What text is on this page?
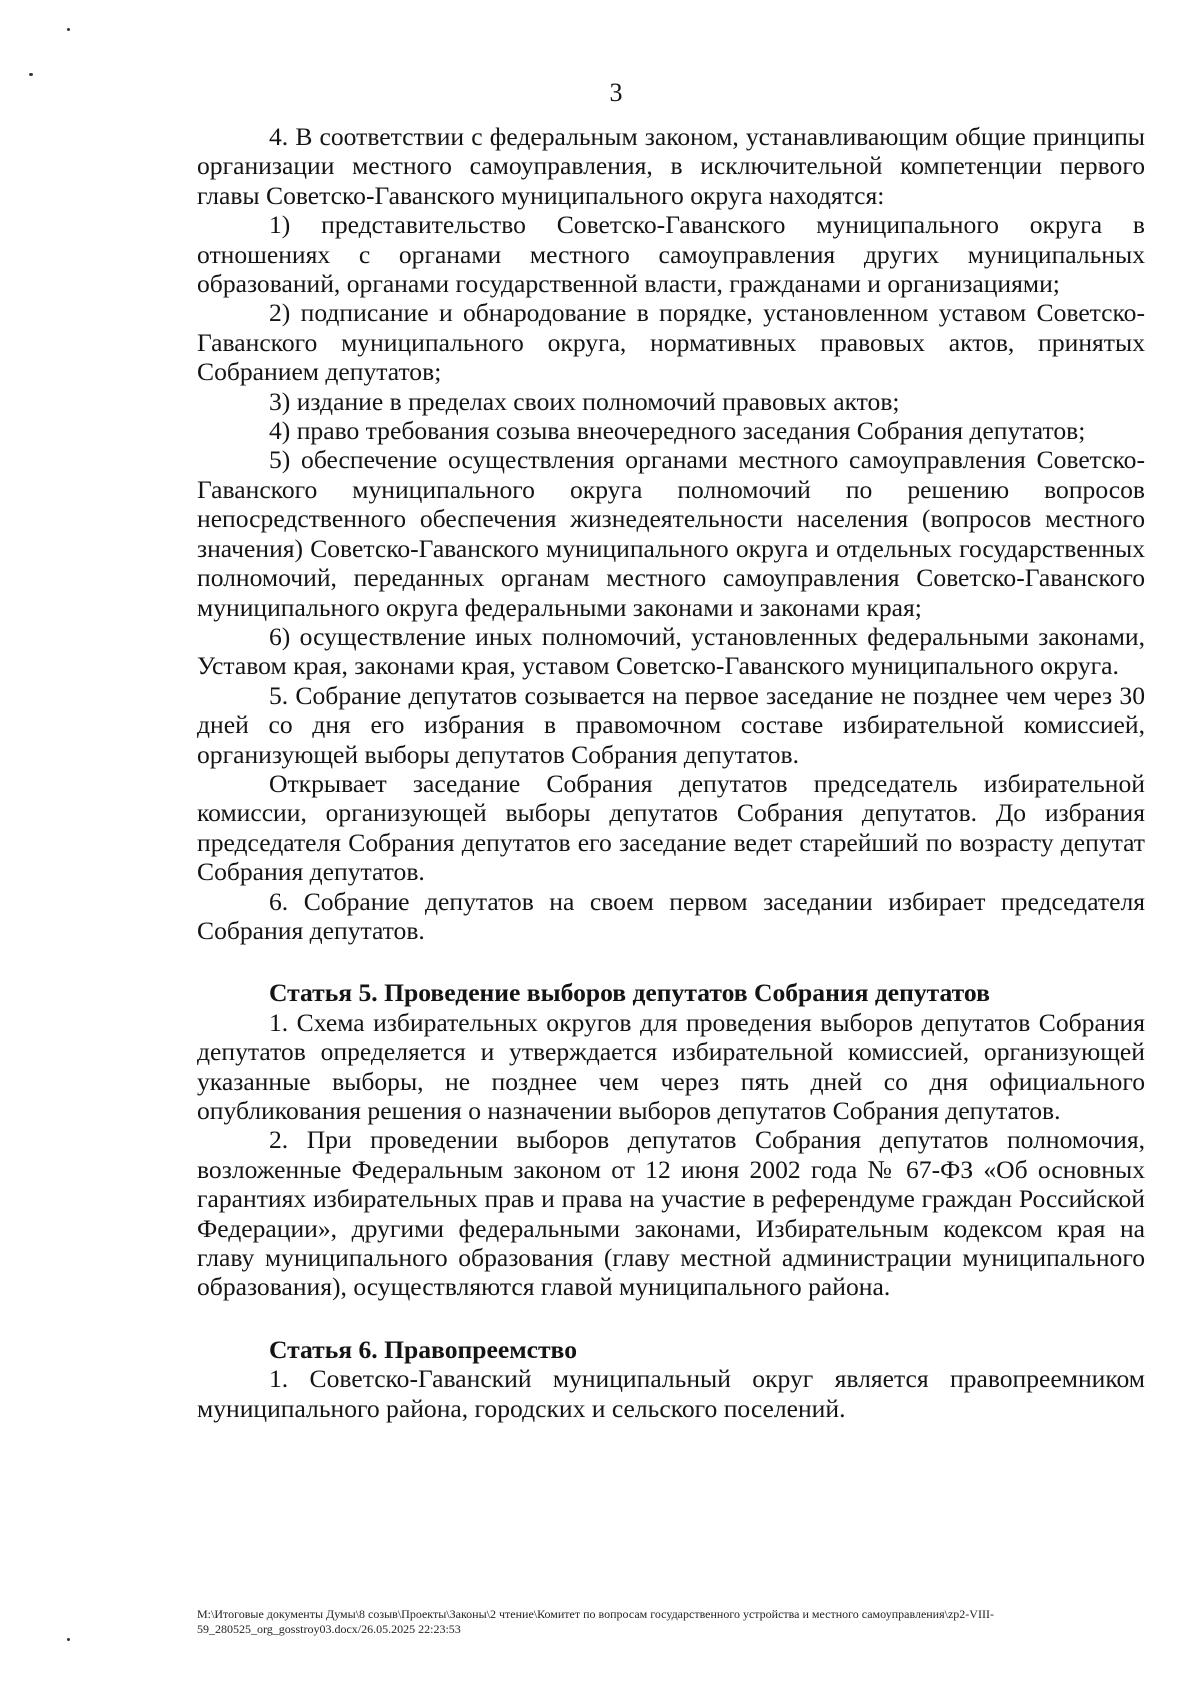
3

4. В соответствии с федеральным законом, устанавливающим общие принципы организации местного самоуправления, в исключительной компетенции первого главы Советско-Гаванского муниципального округа находятся:

1) представительство Советско-Гаванского муниципального округа в отношениях с органами местного самоуправления других муниципальных образований, органами государственной власти, гражданами и организациями;

2) подписание и обнародование в порядке, установленном уставом Советско-Гаванского муниципального округа, нормативных правовых актов, принятых Собранием депутатов;

3) издание в пределах своих полномочий правовых актов;

4) право требования созыва внеочередного заседания Собрания депутатов;

5) обеспечение осуществления органами местного самоуправления Советско-Гаванского муниципального округа полномочий по решению вопросов непосредственного обеспечения жизнедеятельности населения (вопросов местного значения) Советско-Гаванского муниципального округа и отдельных государственных полномочий, переданных органам местного самоуправления Советско-Гаванского муниципального округа федеральными законами и законами края;

6) осуществление иных полномочий, установленных федеральными законами, Уставом края, законами края, уставом Советско-Гаванского муниципального округа.

5. Собрание депутатов созывается на первое заседание не позднее чем через 30 дней со дня его избрания в правомочном составе избирательной комиссией, организующей выборы депутатов Собрания депутатов.

Открывает заседание Собрания депутатов председатель избирательной комиссии, организующей выборы депутатов Собрания депутатов. До избрания председателя Собрания депутатов его заседание ведет старейший по возрасту депутат Собрания депутатов.

6. Собрание депутатов на своем первом заседании избирает председателя Собрания депутатов.

Статья 5. Проведение выборов депутатов Собрания депутатов

1. Схема избирательных округов для проведения выборов депутатов Собрания депутатов определяется и утверждается избирательной комиссией, организующей указанные выборы, не позднее чем через пять дней со дня официального опубликования решения о назначении выборов депутатов Собрания депутатов.

2. При проведении выборов депутатов Собрания депутатов полномочия, возложенные Федеральным законом от 12 июня 2002 года № 67-ФЗ «Об основных гарантиях избирательных прав и права на участие в референдуме граждан Российской Федерации», другими федеральными законами, Избирательным кодексом края на главу муниципального образования (главу местной администрации муниципального образования), осуществляются главой муниципального района.

Статья 6. Правопреемство

1. Советско-Гаванский муниципальный округ является правопреемником муниципального района, городских и сельского поселений.

M:\Итоговые документы Думы\8 созыв\Проекты\Законы\2 чтение\Комитет по вопросам государственного устройства и местного самоуправления\zp2-VIII-59_280525_org_gosstroy03.docx/26.05.2025 22:23:53
